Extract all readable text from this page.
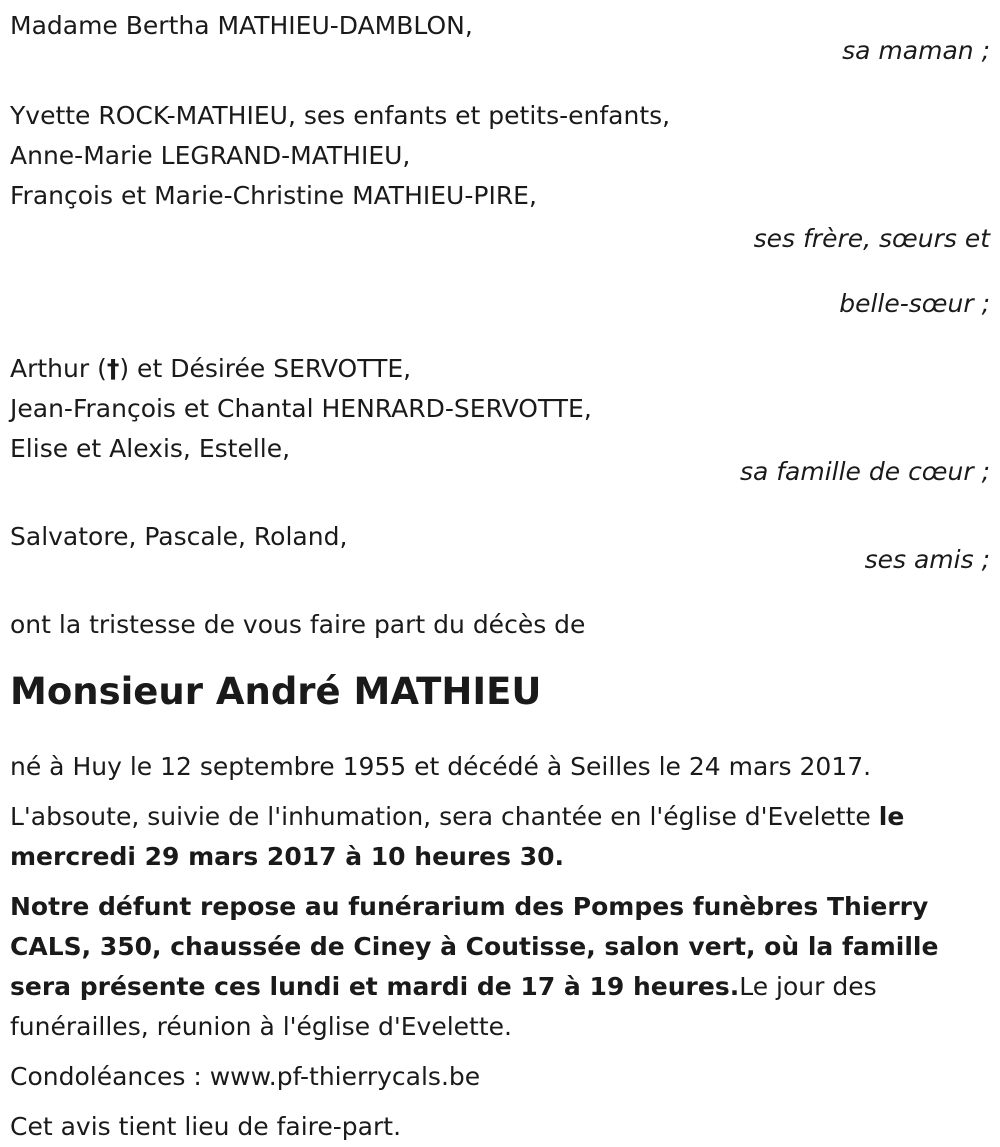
Madame Bertha MATHIEU-DAMBLON,

sa maman ;

Yvette ROCK-MATHIEU, ses enfants et petits-enfants,

Anne-Marie LEGRAND-MATHIEU,

François et Marie-Christine MATHIEU-PIRE,

ses frère, sœurs et

belle-sœur ;

Arthur (†) et Désirée SERVOTTE,

Jean-François et Chantal HENRARD-SERVOTTE,

Elise et Alexis, Estelle,

sa famille de cœur ;

Salvatore, Pascale, Roland,

ses amis ;

ont la tristesse de vous faire part du décès de

Monsieur André MATHIEU

né à Huy le 12 septembre 1955 et décédé à Seilles le 24 mars 2017.

L'absoute, suivie de l'inhumation, sera chantée en l'église d'Evelette le mercredi 29 mars 2017 à 10 heures 30.

Notre défunt repose au funérarium des Pompes funèbres Thierry CALS, 350, chaussée de Ciney à Coutisse, salon vert, où la famille sera présente ces lundi et mardi de 17 à 19 heures.Le jour des funérailles, réunion à l'église d'Evelette.

Condoléances : www.pf-thierrycals.be

Cet avis tient lieu de faire-part.
